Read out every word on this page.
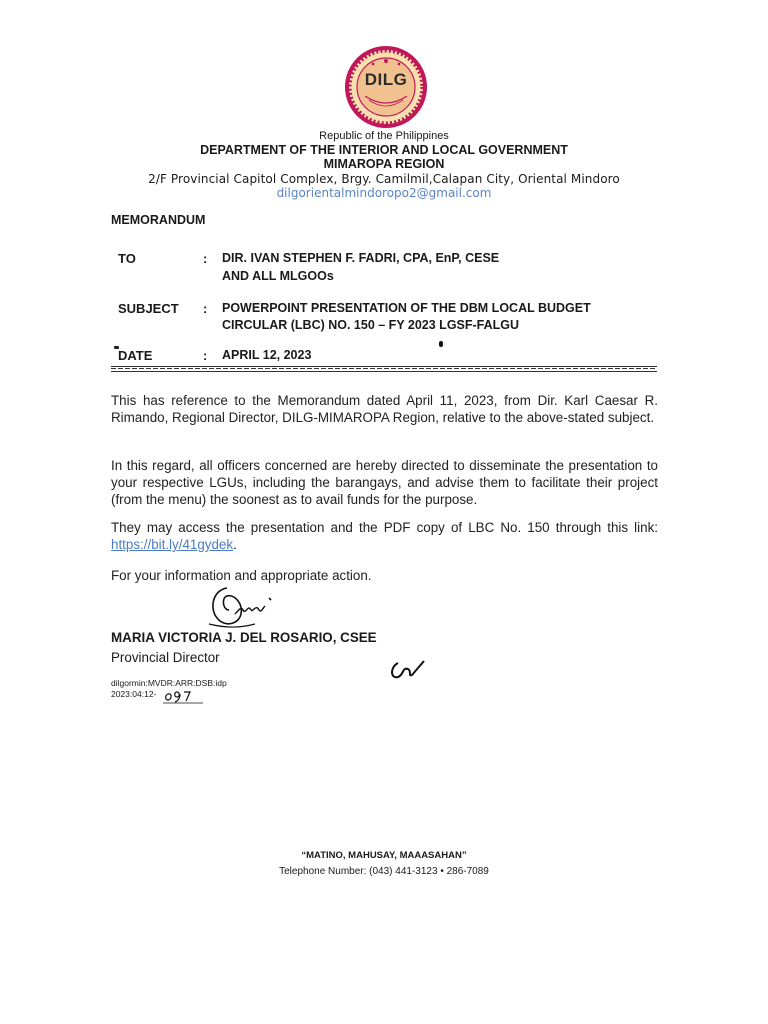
DILG
Republic of the Philippines
DEPARTMENT OF THE INTERIOR AND LOCAL GOVERNMENT
MIMAROPA REGION
2/F Provincial Capitol Complex, Brgy. Camilmil,Calapan City, Oriental Mindoro
dilgorientalmindoropo2@gmail.com
MEMORANDUM
TO	: DIR. IVAN STEPHEN F. FADRI, CPA, EnP, CESE
AND ALL MLGOOs
SUBJECT : POWERPOINT PRESENTATION OF THE DBM LOCAL BUDGET
CIRCULAR (LBC) NO. 150 – FY 2023 LGSF-FALGU
DATE	: APRIL 12, 2023
This has reference to the Memorandum dated April 11, 2023, from Dir. Karl Caesar R. Rimando, Regional Director, DILG-MIMAROPA Region, relative to the above-stated subject.
In this regard, all officers concerned are hereby directed to disseminate the presentation to your respective LGUs, including the barangays, and advise them to facilitate their project (from the menu) the soonest as to avail funds for the purpose.
They may access the presentation and the PDF copy of LBC No. 150 through this link: https://bit.ly/41gydek.
For your information and appropriate action.
MARIA VICTORIA J. DEL ROSARIO, CSEE
Provincial Director
dilgormin:MVDR:ARR:DSB:idp
2023:04:12-
“MATINO, MAHUSAY, MAAASAHAN”
Telephone Number: (043) 441-3123 • 286-7089
